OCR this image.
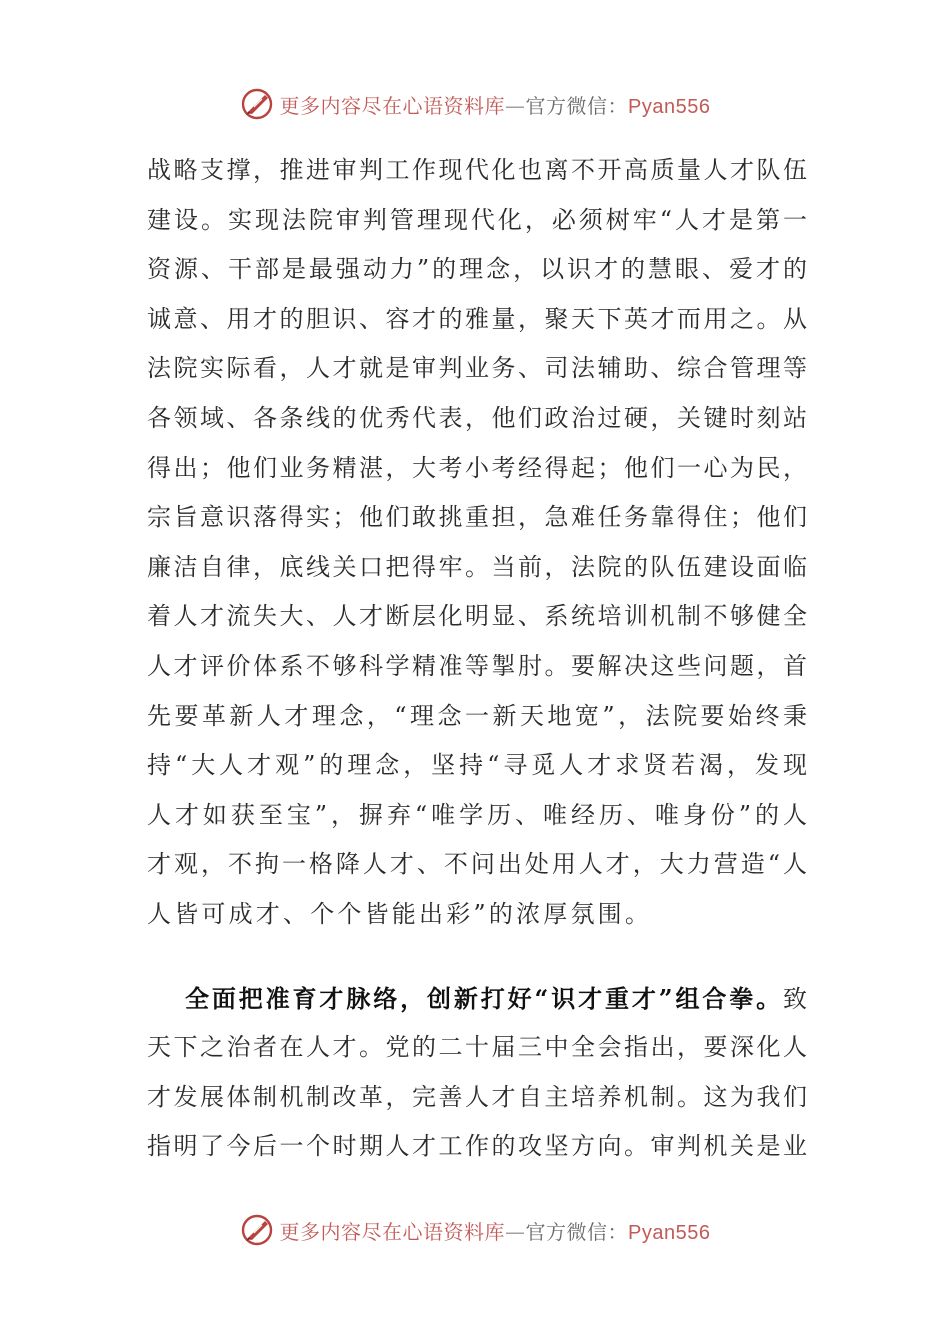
更多内容尽在心语资料库—官方微信：Pyan556
战略支撑，推进审判工作现代化也离不开高质量人才队伍
建设。实现法院审判管理现代化，必须树牢“人才是第一
资源、干部是最强动力”的理念，以识才的慧眼、爱才的
诚意、用才的胆识、容才的雅量，聚天下英才而用之。从
法院实际看，人才就是审判业务、司法辅助、综合管理等
各领域、各条线的优秀代表，他们政治过硬，关键时刻站
得出；他们业务精湛，大考小考经得起；他们一心为民，
宗旨意识落得实；他们敢挑重担，急难任务靠得住；他们
廉洁自律，底线关口把得牢。当前，法院的队伍建设面临
着人才流失大、人才断层化明显、系统培训机制不够健全
人才评价体系不够科学精准等掣肘。要解决这些问题，首
先要革新人才理念，“理念一新天地宽”，法院要始终秉
持“大人才观”的理念，坚持“寻觅人才求贤若渴，发现
人才如获至宝”，摒弃“唯学历、唯经历、唯身份”的人
才观，不拘一格降人才、不问出处用人才，大力营造“人
人皆可成才、个个皆能出彩”的浓厚氛围。
全面把准育才脉络，创新打好“识才重才”组合拳。致
天下之治者在人才。党的二十届三中全会指出，要深化人
才发展体制机制改革，完善人才自主培养机制。这为我们
指明了今后一个时期人才工作的攻坚方向。审判机关是业
更多内容尽在心语资料库—官方微信：Pyan556
